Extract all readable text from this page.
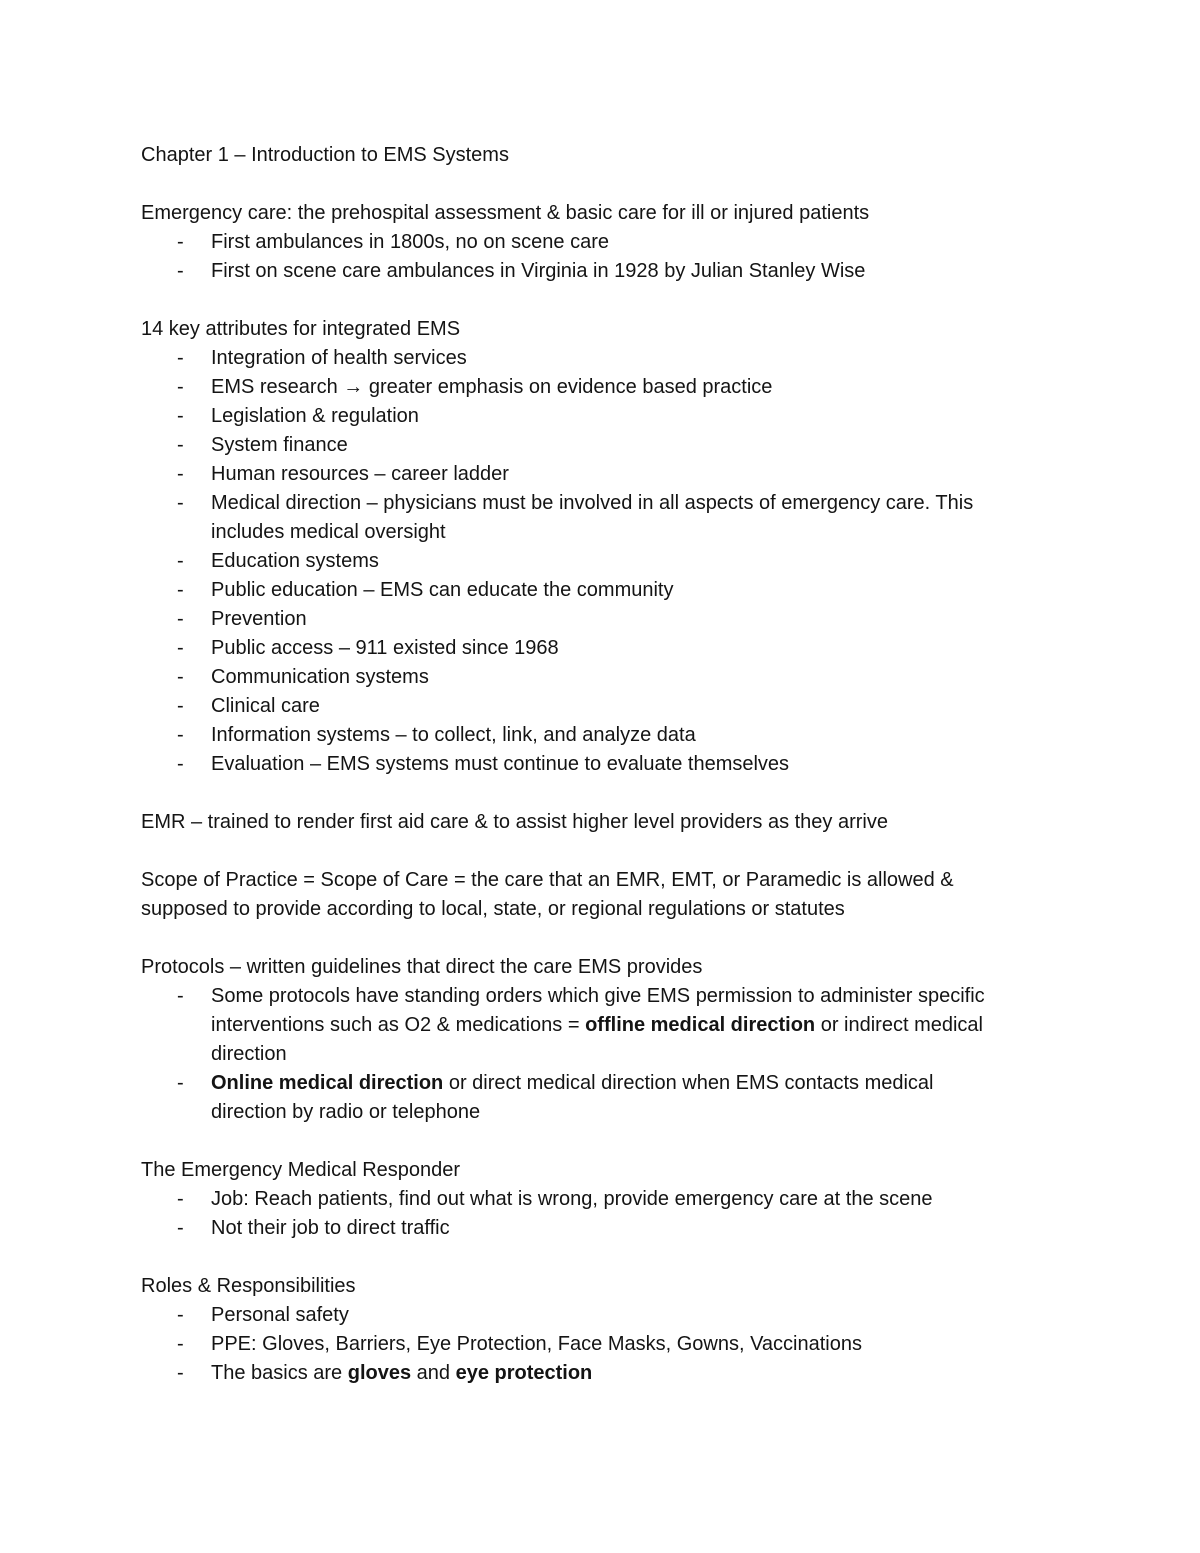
Chapter 1 – Introduction to EMS Systems
Emergency care: the prehospital assessment & basic care for ill or injured patients
- First ambulances in 1800s, no on scene care
- First on scene care ambulances in Virginia in 1928 by Julian Stanley Wise
14 key attributes for integrated EMS
- Integration of health services
- EMS research → greater emphasis on evidence based practice
- Legislation & regulation
- System finance
- Human resources – career ladder
- Medical direction – physicians must be involved in all aspects of emergency care. This
includes medical oversight
- Education systems
- Public education – EMS can educate the community
- Prevention
- Public access – 911 existed since 1968
- Communication systems
- Clinical care
- Information systems – to collect, link, and analyze data
- Evaluation – EMS systems must continue to evaluate themselves
EMR – trained to render first aid care & to assist higher level providers as they arrive
Scope of Practice = Scope of Care = the care that an EMR, EMT, or Paramedic is allowed &
supposed to provide according to local, state, or regional regulations or statutes
Protocols – written guidelines that direct the care EMS provides
- Some protocols have standing orders which give EMS permission to administer specific
interventions such as O2 & medications = offline medical direction or indirect medical
direction
- Online medical direction or direct medical direction when EMS contacts medical
direction by radio or telephone
The Emergency Medical Responder
- Job: Reach patients, find out what is wrong, provide emergency care at the scene
- Not their job to direct traffic
Roles & Responsibilities
- Personal safety
- PPE: Gloves, Barriers, Eye Protection, Face Masks, Gowns, Vaccinations
- The basics are gloves and eye protection
